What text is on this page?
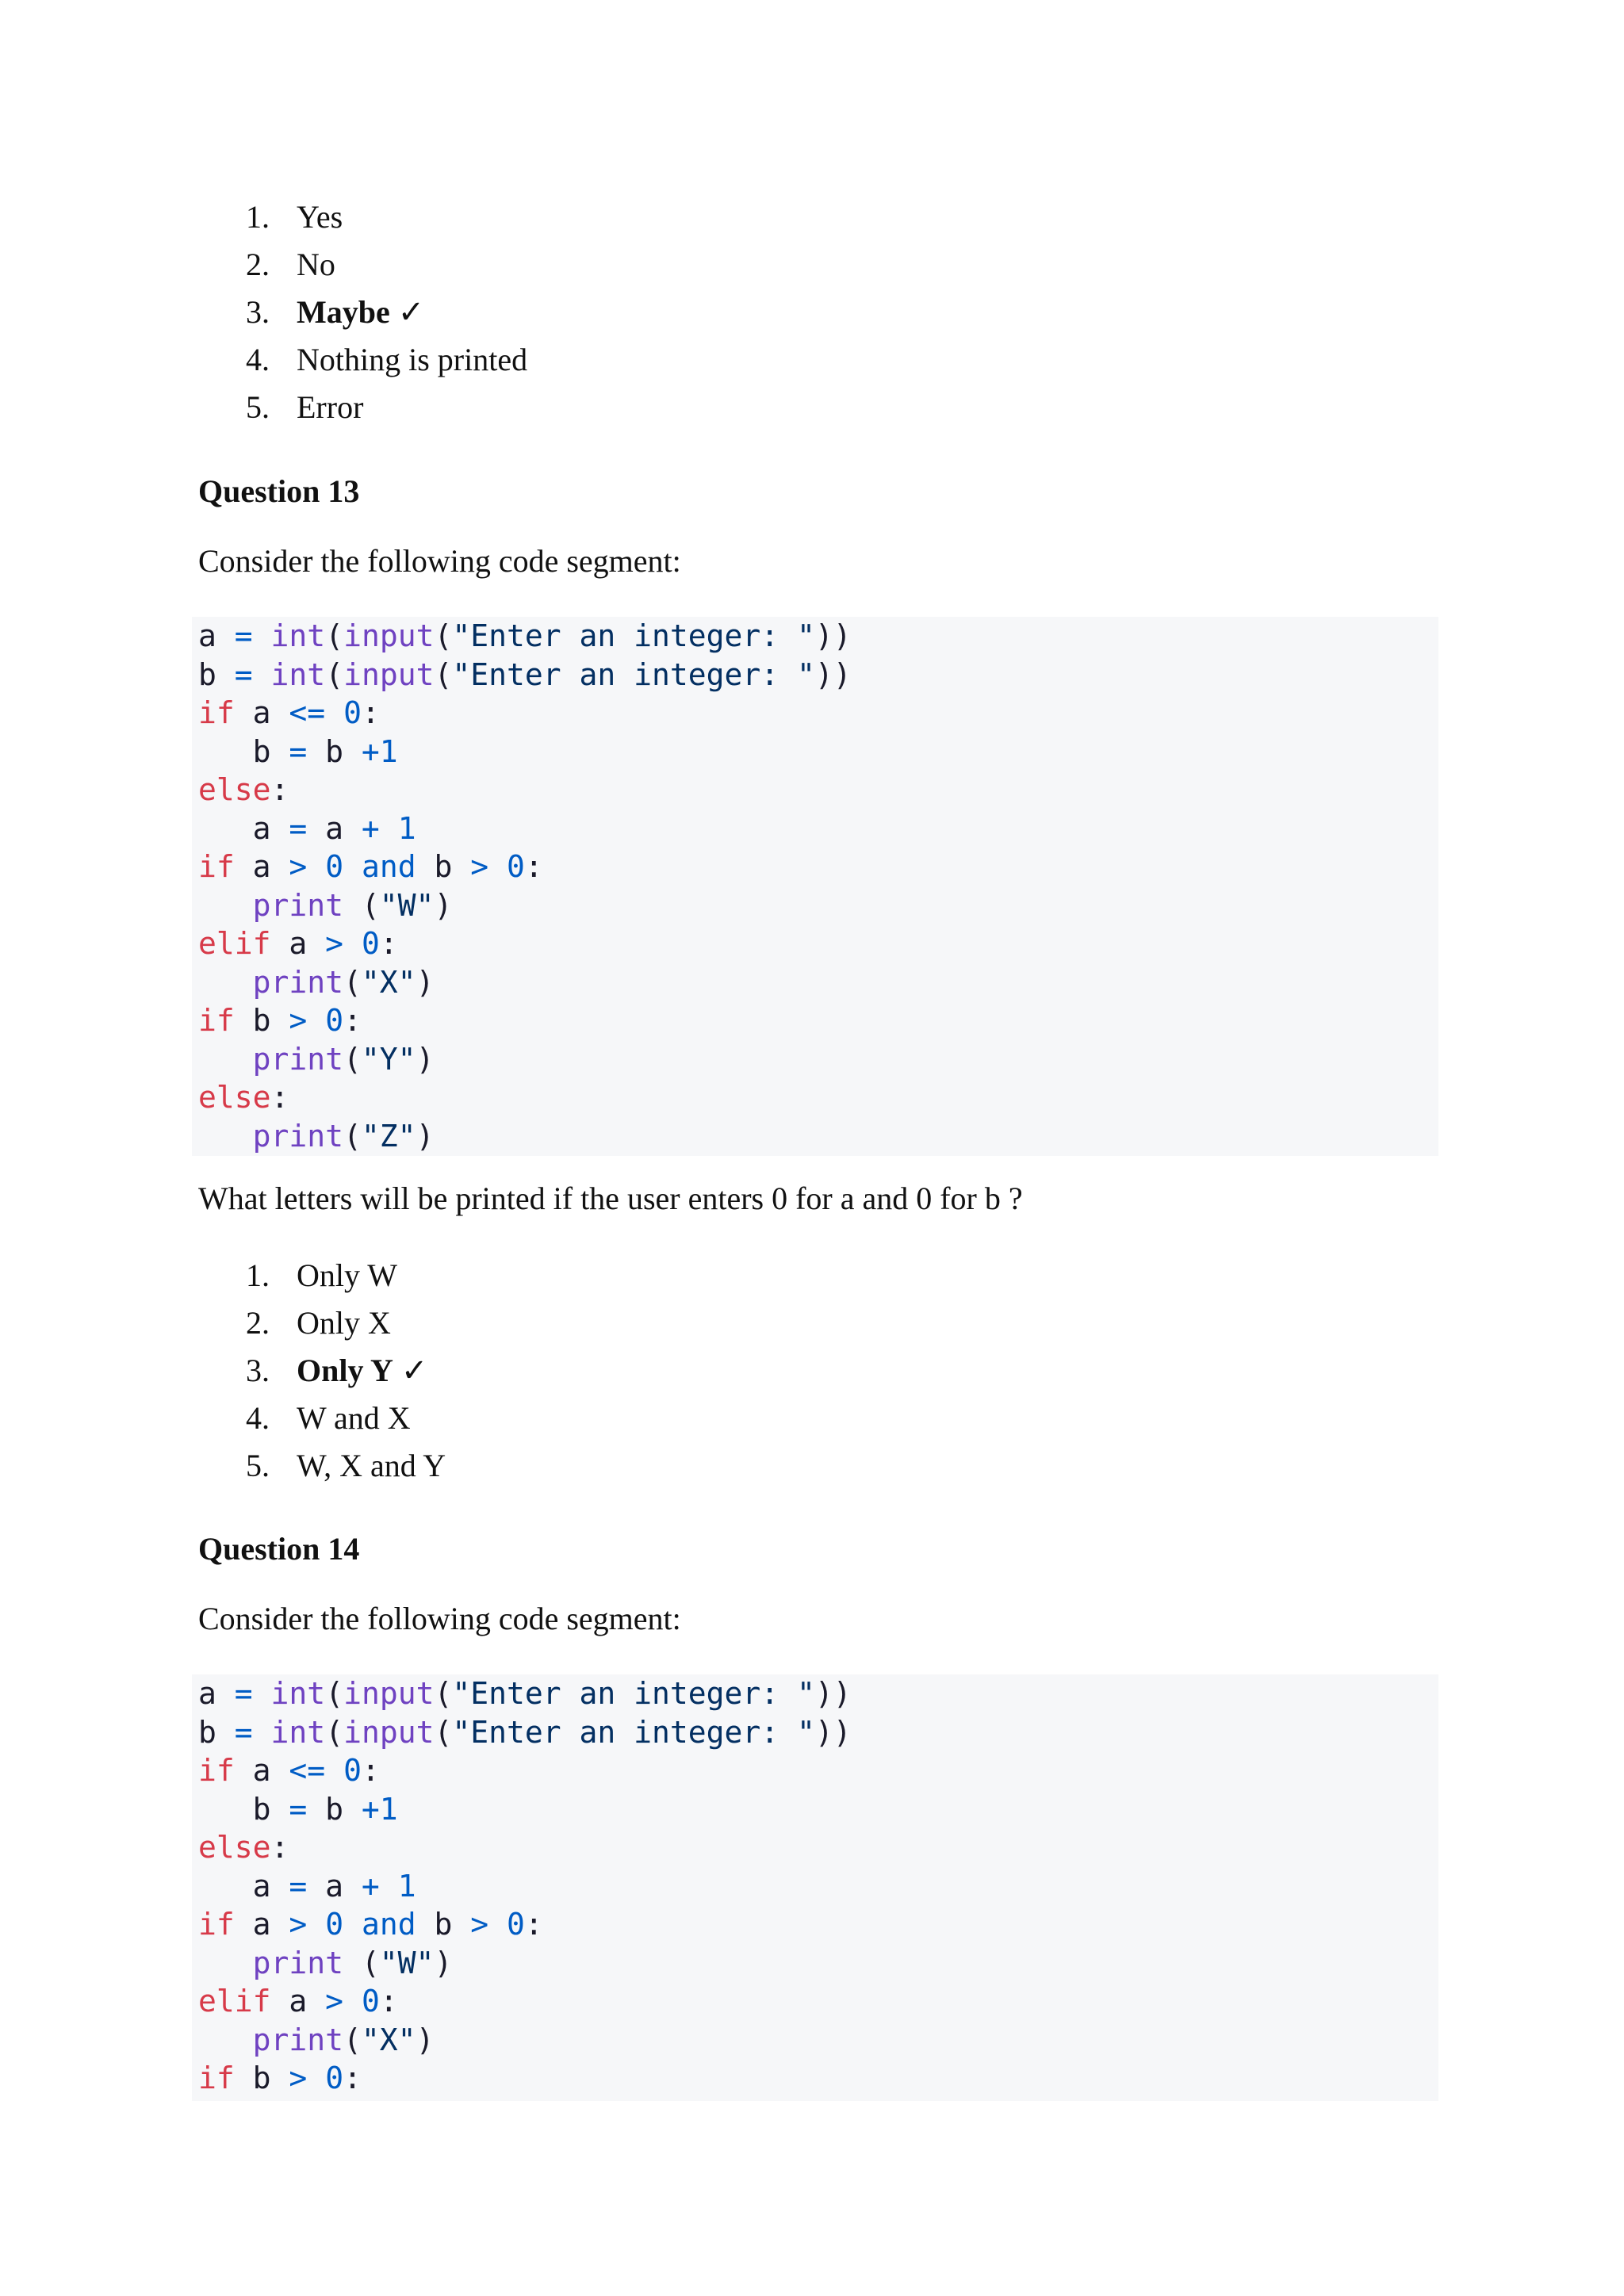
1. Yes
2. No
3. Maybe ✓
4. Nothing is printed
5. Error
Question 13
Consider the following code segment:
a = int(input("Enter an integer: "))
b = int(input("Enter an integer: "))
if a <= 0:
b = b +1
else:
a = a + 1
if a > 0 and b > 0:
print ("W")
elif a > 0:
print("X")
if b > 0:
print("Y")
else:
print("Z")
What letters will be printed if the user enters 0 for a and 0 for b ?
1. Only W
2. Only X
3. Only Y ✓
4. W and X
5. W, X and Y
Question 14
Consider the following code segment:
a = int(input("Enter an integer: "))
b = int(input("Enter an integer: "))
if a <= 0:
b = b +1
else:
a = a + 1
if a > 0 and b > 0:
print ("W")
elif a > 0:
print("X")
if b > 0:
